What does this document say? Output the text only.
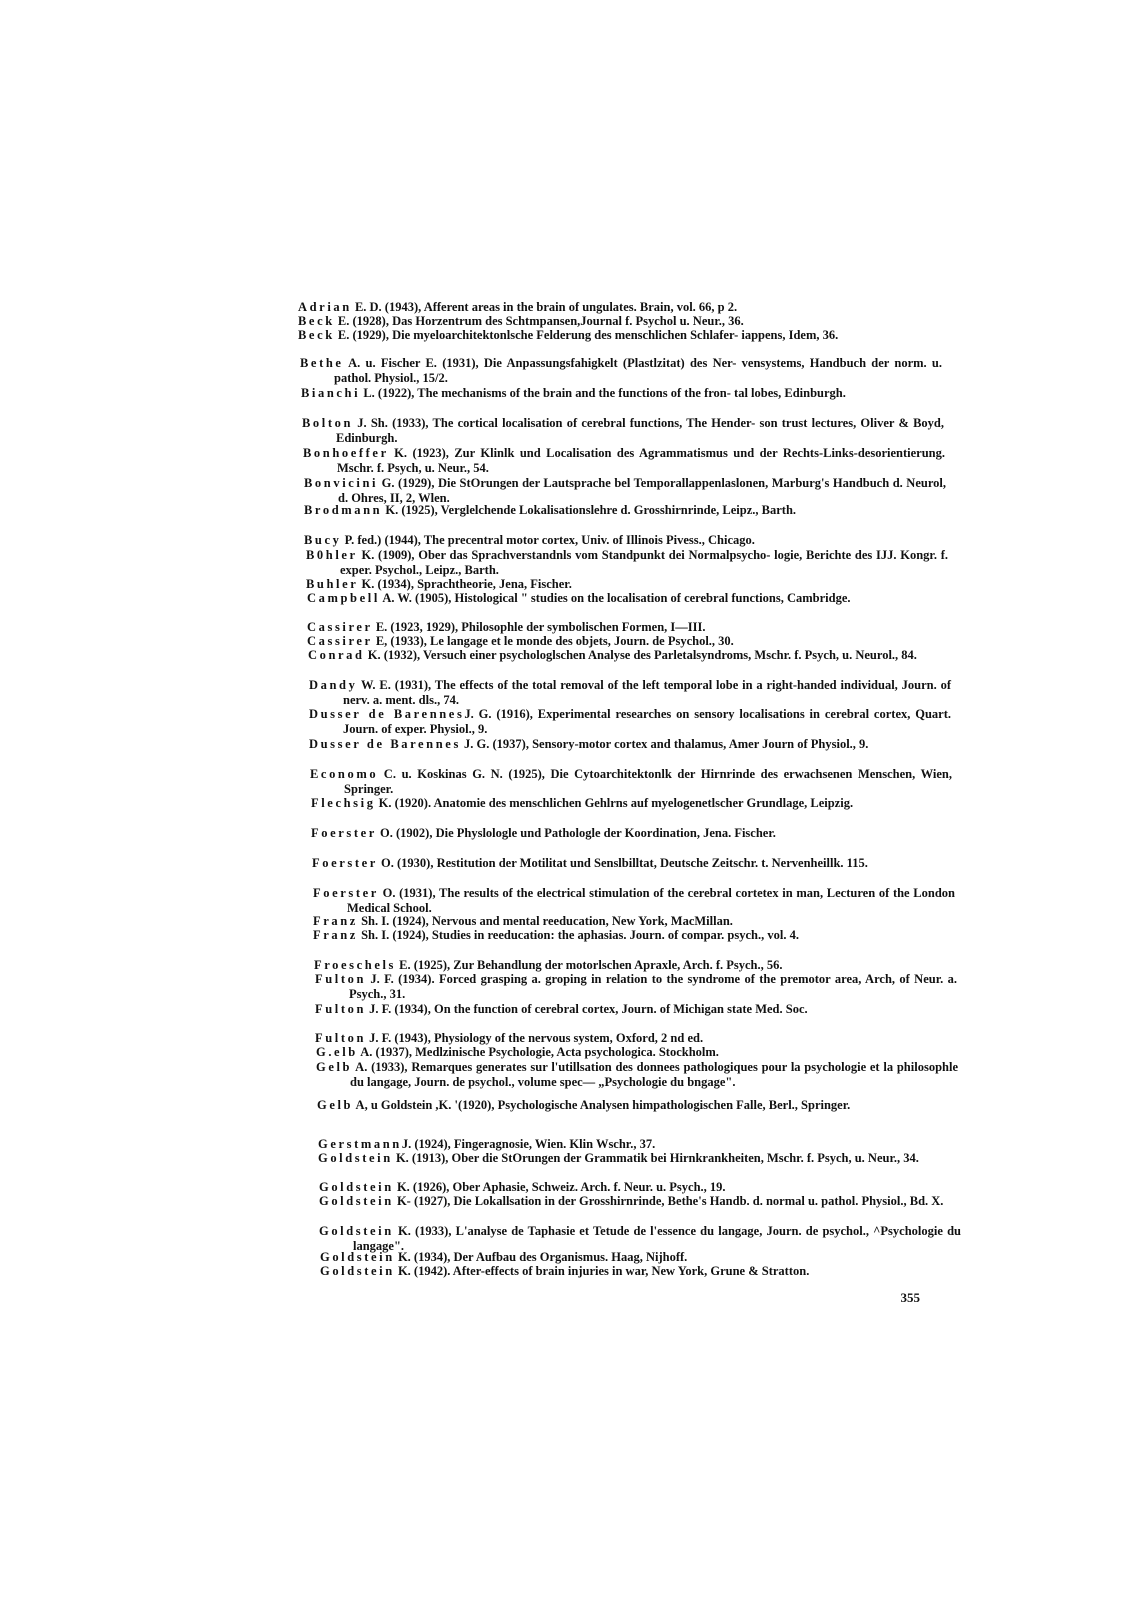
Adrian E. D. (1943), Afferent areas in the brain of ungulates. Brain, vol. 66, p 2.

Beck E. (1928), Das Horzentrum des Schtmpansen,Journal f. Psychol u. Neur., 36.

Beck E. (1929), Die myeloarchitektonlsche Felderung des menschlichen Schlafer- iappens, Idem, 36.

Bethe A. u. Fischer E. (1931), Die Anpassungsfahigkelt (Plastlzitat) des Ner- vensystems, Handbuch der norm. u. pathol. Physiol., 15/2.

Bianchi L. (1922), The mechanisms of the brain and the functions of the fron- tal lobes, Edinburgh.

Bolton J. Sh. (1933), The cortical localisation of cerebral functions, The Hender- son trust lectures, Oliver & Boyd, Edinburgh.

Bonhoeffer K. (1923), Zur Klinlk und Localisation des Agrammatismus und der Rechts-Links-desorientierung. Mschr. f. Psych, u. Neur., 54.

Bonvicini G. (1929), Die StOrungen der Lautsprache bel Temporallappenlaslonen, Marburg's Handbuch d. Neurol, d. Ohres, II, 2, Wlen.

Brodmann K. (1925), Verglelchende Lokalisationslehre d. Grosshirnrinde, Leipz., Barth.

Bucy P. fed.) (1944), The precentral motor cortex, Univ. of Illinois Pivess., Chicago.

B0hler K. (1909), Ober das Sprachverstandnls vom Standpunkt dei Normalpsycho- logie, Berichte des IJJ. Kongr. f. exper. Psychol., Leipz., Barth.

Buhler K. (1934), Sprachtheorie, Jena, Fischer.

Campbell A. W. (1905), Histological " studies on the localisation of cerebral functions, Cambridge.

Cassirer E. (1923, 1929), Philosophle der symbolischen Formen, I—III.

Cassirer E, (1933), Le langage et le monde des objets, Journ. de Psychol., 30.

Conrad K. (1932), Versuch einer psychologlschen Analyse des Parletalsyndroms, Mschr. f. Psych, u. Neurol., 84.

Dandy W. E. (1931), The effects of the total removal of the left temporal lobe in a right-handed individual, Journ. of nerv. a. ment. dls., 74.

Dusser de BarennesJ. G. (1916), Experimental researches on sensory localisations in cerebral cortex, Quart. Journ. of exper. Physiol., 9.

Dusser de Barennes J. G. (1937), Sensory-motor cortex and thalamus, Amer Journ of Physiol., 9.

Economo C. u. Koskinas G. N. (1925), Die Cytoarchitektonlk der Hirnrinde des erwachsenen Menschen, Wien, Springer.

Flechsig K. (1920). Anatomie des menschlichen Gehlrns auf myelogenetlscher Grundlage, Leipzig.

Foerster O. (1902), Die Physlologle und Pathologle der Koordination, Jena. Fischer.

Foerster O. (1930), Restitution der Motilitat und Senslbilltat, Deutsche Zeitschr. t. Nervenheillk. 115.

Foerster O. (1931), The results of the electrical stimulation of the cerebral cortetex in man, Lecturen of the London Medical School.

Franz Sh. I. (1924), Nervous and mental reeducation, New York, MacMillan.

Franz Sh. I. (1924), Studies in reeducation: the aphasias. Journ. of compar. psych., vol. 4.

Froeschels E. (1925), Zur Behandlung der motorlschen Apraxle, Arch. f. Psych., 56.

Fulton J. F. (1934). Forced grasping a. groping in relation to the syndrome of the premotor area, Arch, of Neur. a. Psych., 31.

Fulton J. F. (1934), On the function of cerebral cortex, Journ. of Michigan state Med. Soc.

Fulton J. F. (1943), Physiology of the nervous system, Oxford, 2 nd ed.

G.elb A. (1937), Medlzinische Psychologie, Acta psychologica. Stockholm.

Gelb A. (1933), Remarques generates sur l'utillsation des donnees pathologiques pour la psychologie et la philosophle du langage, Journ. de psychol., volume spec— „Psychologie du bngage".

Gelb A, u Goldstein ,K. '(1920), Psychologische Analysen himpathologischen Falle, Berl., Springer.

GerstmannJ. (1924), Fingeragnosie, Wien. Klin Wschr., 37.

Goldstein K. (1913), Ober die StOrungen der Grammatik bei Hirnkrankheiten, Mschr. f. Psych, u. Neur., 34.

Goldstein K. (1926), Ober Aphasie, Schweiz. Arch. f. Neur. u. Psych., 19.

Goldstein K- (1927), Die Lokallsation in der Grosshirnrinde, Bethe's Handb. d. normal u. pathol. Physiol., Bd. X.

Goldstein K. (1933), L'analyse de Taphasie et Tetude de l'essence du langage, Journ. de psychol., ^Psychologie du langage".

Goldstein K. (1934), Der Aufbau des Organismus. Haag, Nijhoff.

Goldstein K. (1942). After-effects of brain injuries in war, New York, Grune & Stratton.

355
